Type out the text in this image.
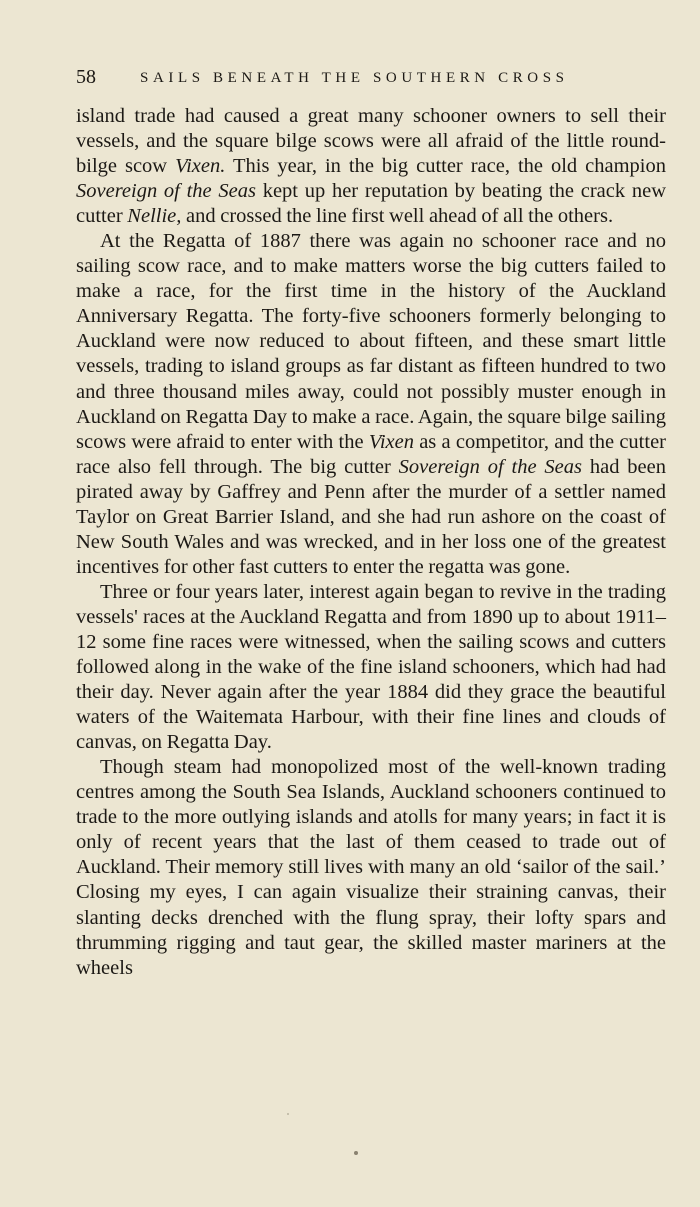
58	SAILS BENEATH THE SOUTHERN CROSS

island trade had caused a great many schooner owners to sell their vessels, and the square bilge scows were all afraid of the little round-bilge scow Vixen. This year, in the big cutter race, the old champion Sovereign of the Seas kept up her reputation by beating the crack new cutter Nellie, and crossed the line first well ahead of all the others.

At the Regatta of 1887 there was again no schooner race and no sailing scow race, and to make matters worse the big cutters failed to make a race, for the first time in the history of the Auckland Anniversary Regatta. The forty-five schooners formerly belonging to Auckland were now reduced to about fifteen, and these smart little vessels, trading to island groups as far distant as fifteen hundred to two and three thousand miles away, could not possibly muster enough in Auckland on Regatta Day to make a race. Again, the square bilge sailing scows were afraid to enter with the Vixen as a competitor, and the cutter race also fell through. The big cutter Sovereign of the Seas had been pirated away by Gaffrey and Penn after the murder of a settler named Taylor on Great Barrier Island, and she had run ashore on the coast of New South Wales and was wrecked, and in her loss one of the greatest incentives for other fast cutters to enter the regatta was gone.

Three or four years later, interest again began to revive in the trading vessels' races at the Auckland Regatta and from 1890 up to about 1911–12 some fine races were witnessed, when the sailing scows and cutters followed along in the wake of the fine island schooners, which had had their day. Never again after the year 1884 did they grace the beautiful waters of the Waitemata Harbour, with their fine lines and clouds of canvas, on Regatta Day.

Though steam had monopolized most of the well-known trading centres among the South Sea Islands, Auckland schooners continued to trade to the more outlying islands and atolls for many years; in fact it is only of recent years that the last of them ceased to trade out of Auckland. Their memory still lives with many an old ‘sailor of the sail.’ Closing my eyes, I can again visualize their straining canvas, their slanting decks drenched with the flung spray, their lofty spars and thrumming rigging and taut gear, the skilled master mariners at the wheels
